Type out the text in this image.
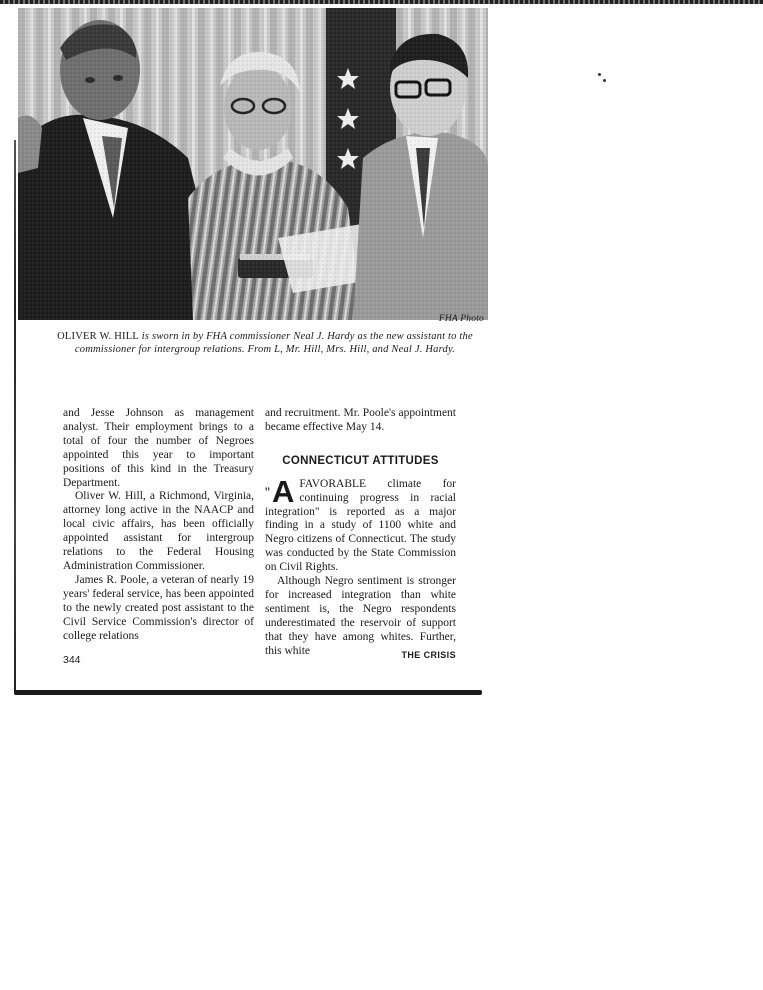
FHA Photo
OLIVER W. HILL is sworn in by FHA commissioner Neal J. Hardy as the new assistant to the commissioner for intergroup relations. From L, Mr. Hill, Mrs. Hill, and Neal J. Hardy.

and Jesse Johnson as management analyst. Their employment brings to a total of four the number of Negroes appointed this year to important positions of this kind in the Treasury Department.

Oliver W. Hill, a Richmond, Virginia, attorney long active in the NAACP and local civic affairs, has been officially appointed assistant for intergroup relations to the Federal Housing Administration Commissioner.

James R. Poole, a veteran of nearly 19 years' federal service, has been appointed to the newly created post assistant to the Civil Service Commission's director of college relations

and recruitment. Mr. Poole's appointment became effective May 14.

CONNECTICUT ATTITUDES

"A FAVORABLE climate for continuing progress in racial integration" is reported as a major finding in a study of 1100 white and Negro citizens of Connecticut. The study was conducted by the State Commission on Civil Rights.

Although Negro sentiment is stronger for increased integration than white sentiment is, the Negro respondents underestimated the reservoir of support that they have among whites. Further, this white

344	THE CRISIS
